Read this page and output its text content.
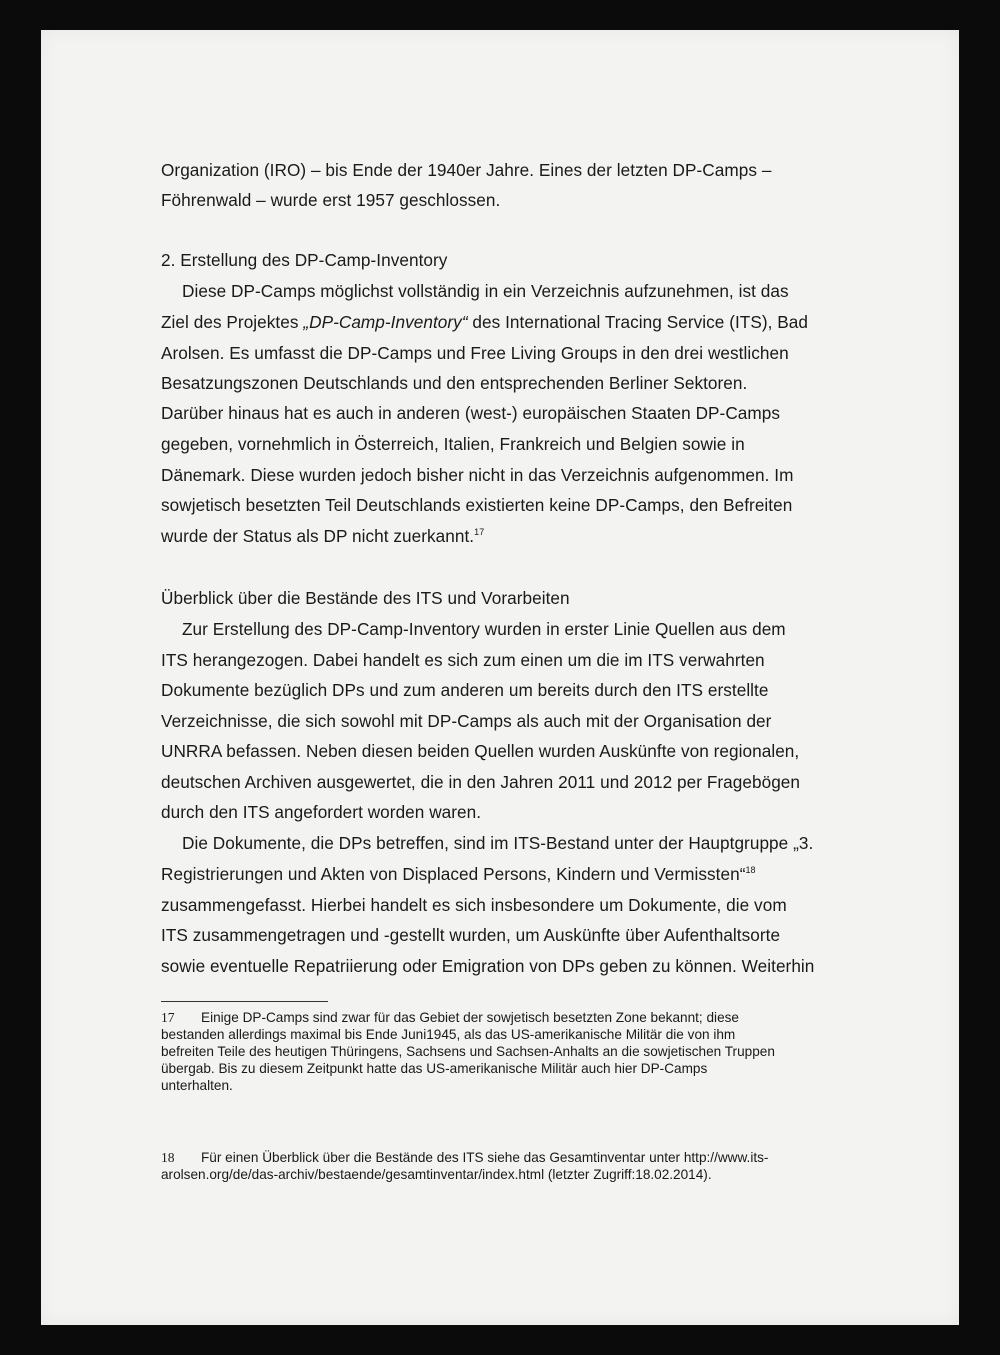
Organization (IRO) – bis Ende der 1940er Jahre. Eines der letzten DP-Camps –

Föhrenwald – wurde erst 1957 geschlossen.

2. Erstellung des DP-Camp-Inventory

Diese DP-Camps möglichst vollständig in ein Verzeichnis aufzunehmen, ist das

Ziel des Projektes „DP-Camp-Inventory“ des International Tracing Service (ITS), Bad

Arolsen. Es umfasst die DP-Camps und Free Living Groups in den drei westlichen

Besatzungszonen Deutschlands und den entsprechenden Berliner Sektoren.

Darüber hinaus hat es auch in anderen (west-) europäischen Staaten DP-Camps

gegeben, vornehmlich in Österreich, Italien, Frankreich und Belgien sowie in

Dänemark. Diese wurden jedoch bisher nicht in das Verzeichnis aufgenommen. Im

sowjetisch besetzten Teil Deutschlands existierten keine DP-Camps, den Befreiten

wurde der Status als DP nicht zuerkannt.$^{17}$

Überblick über die Bestände des ITS und Vorarbeiten

Zur Erstellung des DP-Camp-Inventory wurden in erster Linie Quellen aus dem

ITS herangezogen. Dabei handelt es sich zum einen um die im ITS verwahrten

Dokumente bezüglich DPs und zum anderen um bereits durch den ITS erstellte

Verzeichnisse, die sich sowohl mit DP-Camps als auch mit der Organisation der

UNRRA befassen. Neben diesen beiden Quellen wurden Auskünfte von regionalen,

deutschen Archiven ausgewertet, die in den Jahren 2011 und 2012 per Fragebögen

durch den ITS angefordert worden waren.

Die Dokumente, die DPs betreffen, sind im ITS-Bestand unter der Hauptgruppe „3.

Registrierungen und Akten von Displaced Persons, Kindern und Vermissten“$^{18}$

zusammengefasst. Hierbei handelt es sich insbesondere um Dokumente, die vom

ITS zusammengetragen und -gestellt wurden, um Auskünfte über Aufenthaltsorte

sowie eventuelle Repatriierung oder Emigration von DPs geben zu können. Weiterhin

17 Einige DP-Camps sind zwar für das Gebiet der sowjetisch besetzten Zone bekannt; diese

bestanden allerdings maximal bis Ende Juni1945, als das US-amerikanische Militär die von ihm

befreiten Teile des heutigen Thüringens, Sachsens und Sachsen-Anhalts an die sowjetischen Truppen

übergab. Bis zu diesem Zeitpunkt hatte das US-amerikanische Militär auch hier DP-Camps

unterhalten.

18 Für einen Überblick über die Bestände des ITS siehe das Gesamtinventar unter http://www.its-

arolsen.org/de/das-archiv/bestaende/gesamtinventar/index.html (letzter Zugriff:18.02.2014).
